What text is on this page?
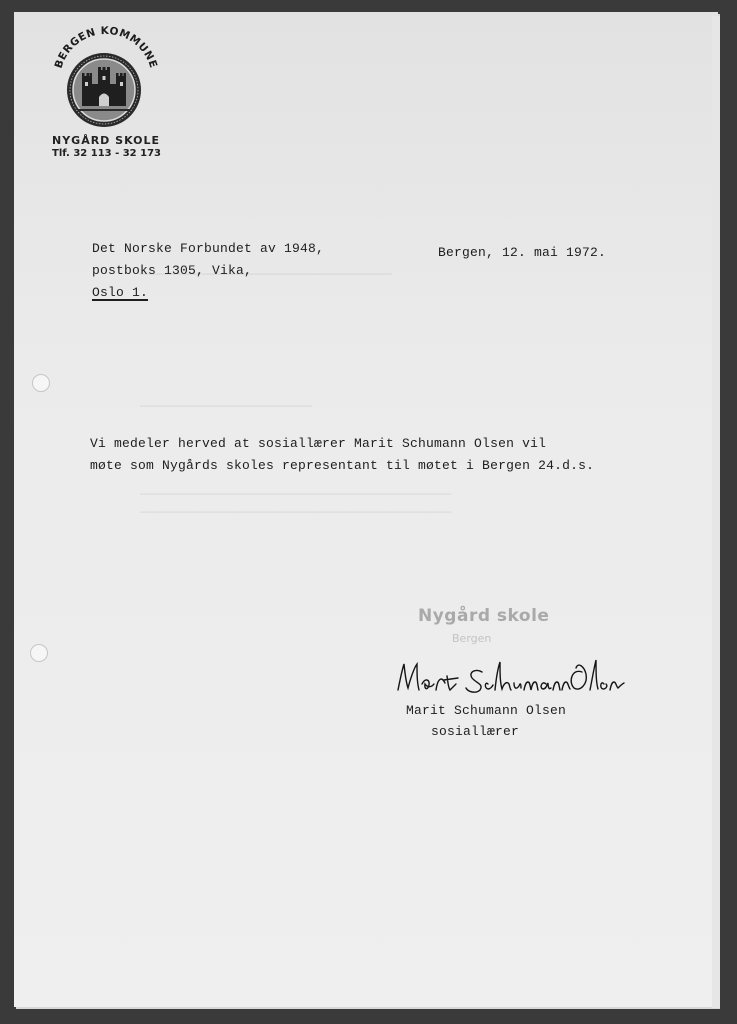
BERGEN KOMMUNE
NYGÅRD SKOLE
Tlf. 32 113 - 32 173
Det Norske Forbundet av 1948,
postboks 1305, Vika,
Oslo 1.
Bergen, 12. mai 1972.
Vi medeler herved at sosiallærer Marit Schumann Olsen vil
møte som Nygårds skoles representant til møtet i Bergen 24.d.s.
Nygård skole
Bergen
Marit Schumann Olsen
sosiallærer
